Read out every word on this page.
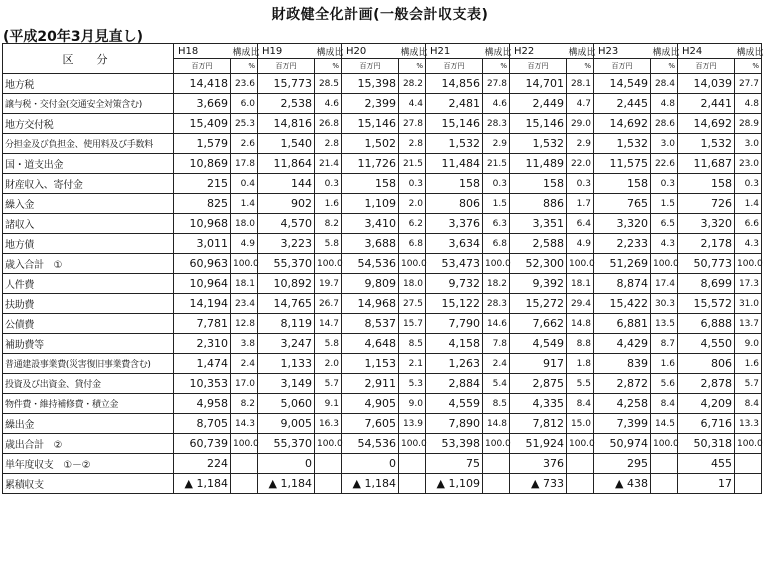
財政健全化計画(一般会計収支表)
(平成20年3月見直し)
区　分	H18	構成比	H19	構成比	H20	構成比	H21	構成比	H22	構成比	H23	構成比	H24	構成比
	百万円	%	百万円	%	百万円	%	百万円	%	百万円	%	百万円	%	百万円	%
地方税	14,418	23.6	15,773	28.5	15,398	28.2	14,856	27.8	14,701	28.1	14,549	28.4	14,039	27.7
譲与税・交付金(交通安全対策含む)	3,669	6.0	2,538	4.6	2,399	4.4	2,481	4.6	2,449	4.7	2,445	4.8	2,441	4.8
地方交付税	15,409	25.3	14,816	26.8	15,146	27.8	15,146	28.3	15,146	29.0	14,692	28.6	14,692	28.9
分担金及び負担金、使用料及び手数料	1,579	2.6	1,540	2.8	1,502	2.8	1,532	2.9	1,532	2.9	1,532	3.0	1,532	3.0
国・道支出金	10,869	17.8	11,864	21.4	11,726	21.5	11,484	21.5	11,489	22.0	11,575	22.6	11,687	23.0
財産収入、寄付金	215	0.4	144	0.3	158	0.3	158	0.3	158	0.3	158	0.3	158	0.3
繰入金	825	1.4	902	1.6	1,109	2.0	806	1.5	886	1.7	765	1.5	726	1.4
諸収入	10,968	18.0	4,570	8.2	3,410	6.2	3,376	6.3	3,351	6.4	3,320	6.5	3,320	6.6
地方債	3,011	4.9	3,223	5.8	3,688	6.8	3,634	6.8	2,588	4.9	2,233	4.3	2,178	4.3
歳入合計　①	60,963	100.0	55,370	100.0	54,536	100.0	53,473	100.0	52,300	100.0	51,269	100.0	50,773	100.0
人件費	10,964	18.1	10,892	19.7	9,809	18.0	9,732	18.2	9,392	18.1	8,874	17.4	8,699	17.3
扶助費	14,194	23.4	14,765	26.7	14,968	27.5	15,122	28.3	15,272	29.4	15,422	30.3	15,572	31.0
公債費	7,781	12.8	8,119	14.7	8,537	15.7	7,790	14.6	7,662	14.8	6,881	13.5	6,888	13.7
補助費等	2,310	3.8	3,247	5.8	4,648	8.5	4,158	7.8	4,549	8.8	4,429	8.7	4,550	9.0
普通建設事業費(災害復旧事業費含む)	1,474	2.4	1,133	2.0	1,153	2.1	1,263	2.4	917	1.8	839	1.6	806	1.6
投資及び出資金、貸付金	10,353	17.0	3,149	5.7	2,911	5.3	2,884	5.4	2,875	5.5	2,872	5.6	2,878	5.7
物件費・維持補修費・積立金	4,958	8.2	5,060	9.1	4,905	9.0	4,559	8.5	4,335	8.4	4,258	8.4	4,209	8.4
繰出金	8,705	14.3	9,005	16.3	7,605	13.9	7,890	14.8	7,812	15.0	7,399	14.5	6,716	13.3
歳出合計　②	60,739	100.0	55,370	100.0	54,536	100.0	53,398	100.0	51,924	100.0	50,974	100.0	50,318	100.0
単年度収支　①－②	224		0		0		75		376		295		455	
累積収支	▲ 1,184		▲ 1,184		▲ 1,184		▲ 1,109		▲ 733		▲ 438		17	
